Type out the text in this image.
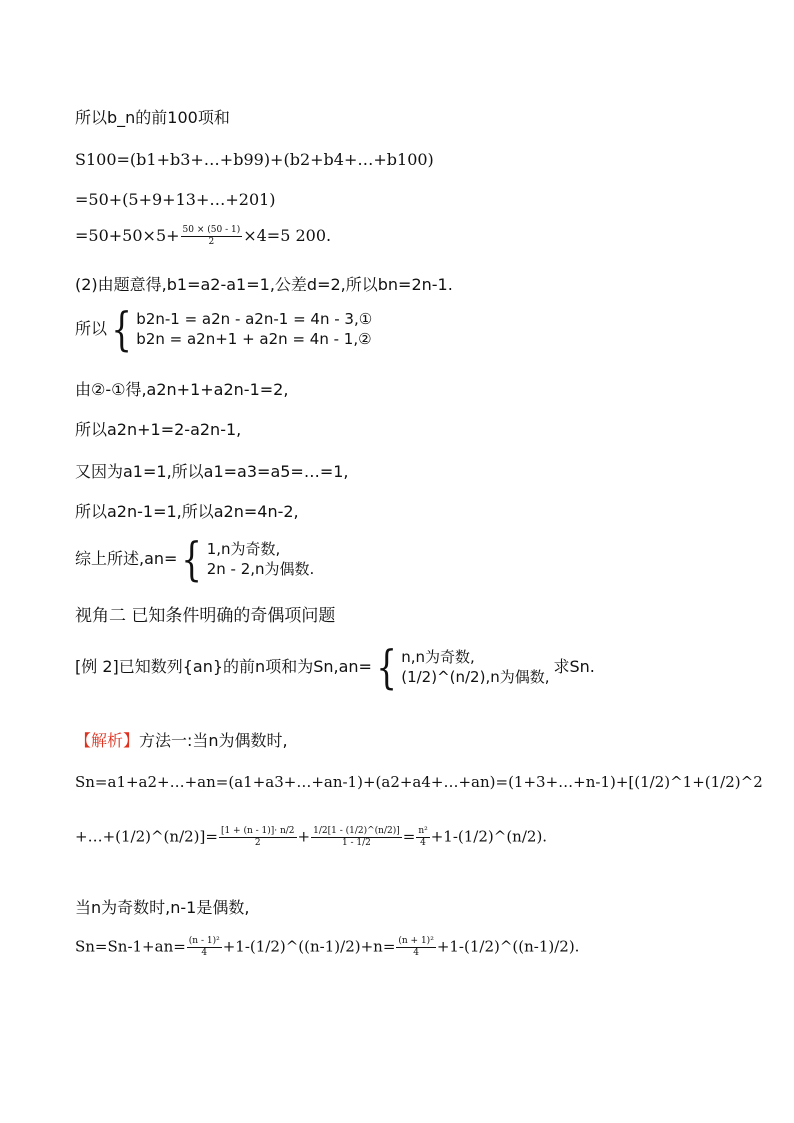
所以b_n的前100项和
S100=(b1+b3+…+b99)+(b2+b4+…+b100)
=50+(5+9+13+…+201)
$=50+50\times 5+ \frac{50 \times (50 - 1)}{2} \times 4=5$ 200.
(2)由题意得,b1=a2-a1=1,公差d=2,所以bn=2n-1.
所以 { b2n-1 = a2n - a2n-1 = 4n - 3,①
b2n = a2n+1 + a2n = 4n - 1,②
由②-①得,a2n+1+a2n-1=2,
所以a2n+1=2-a2n-1,
又因为a1=1,所以a1=a3=a5=…=1,
所以a2n-1=1,所以a2n=4n-2,
综上所述,an= { 1,n为奇数,
2n - 2,n为偶数.
视角二 已知条件明确的奇偶项问题
[例 2]已知数列{an}的前n项和为Sn,an= { n,n为奇数,
(1/2)^(n/2),n为偶数,
求Sn.
【解析】方法一:当n为偶数时,
Sn=a1+a2+…+an=(a1+a3+…+an-1)+(a2+a4+…+an)=(1+3+…+n-1)+[(1/2)^1+(1/2)^2
+…+(1/2)^(n/2)]= $\frac{[1 + (n - 1)]\cdot n/2}{2} + \frac{1/2[1 - (1/2)\^{}(n/2)]}{1 - 1/2} = \frac{\text{n²}}{4}$ +1-(1/2)^(n/2).
当n为奇数时,n-1是偶数,
$Sn=Sn-1+an= \frac{\text{(n - 1)²}}{4}$ +1-(1/2)^((n-1)/2)+n= $\frac{\text{(n + 1)²}}{4}$ +1-(1/2)^((n-1)/2).
